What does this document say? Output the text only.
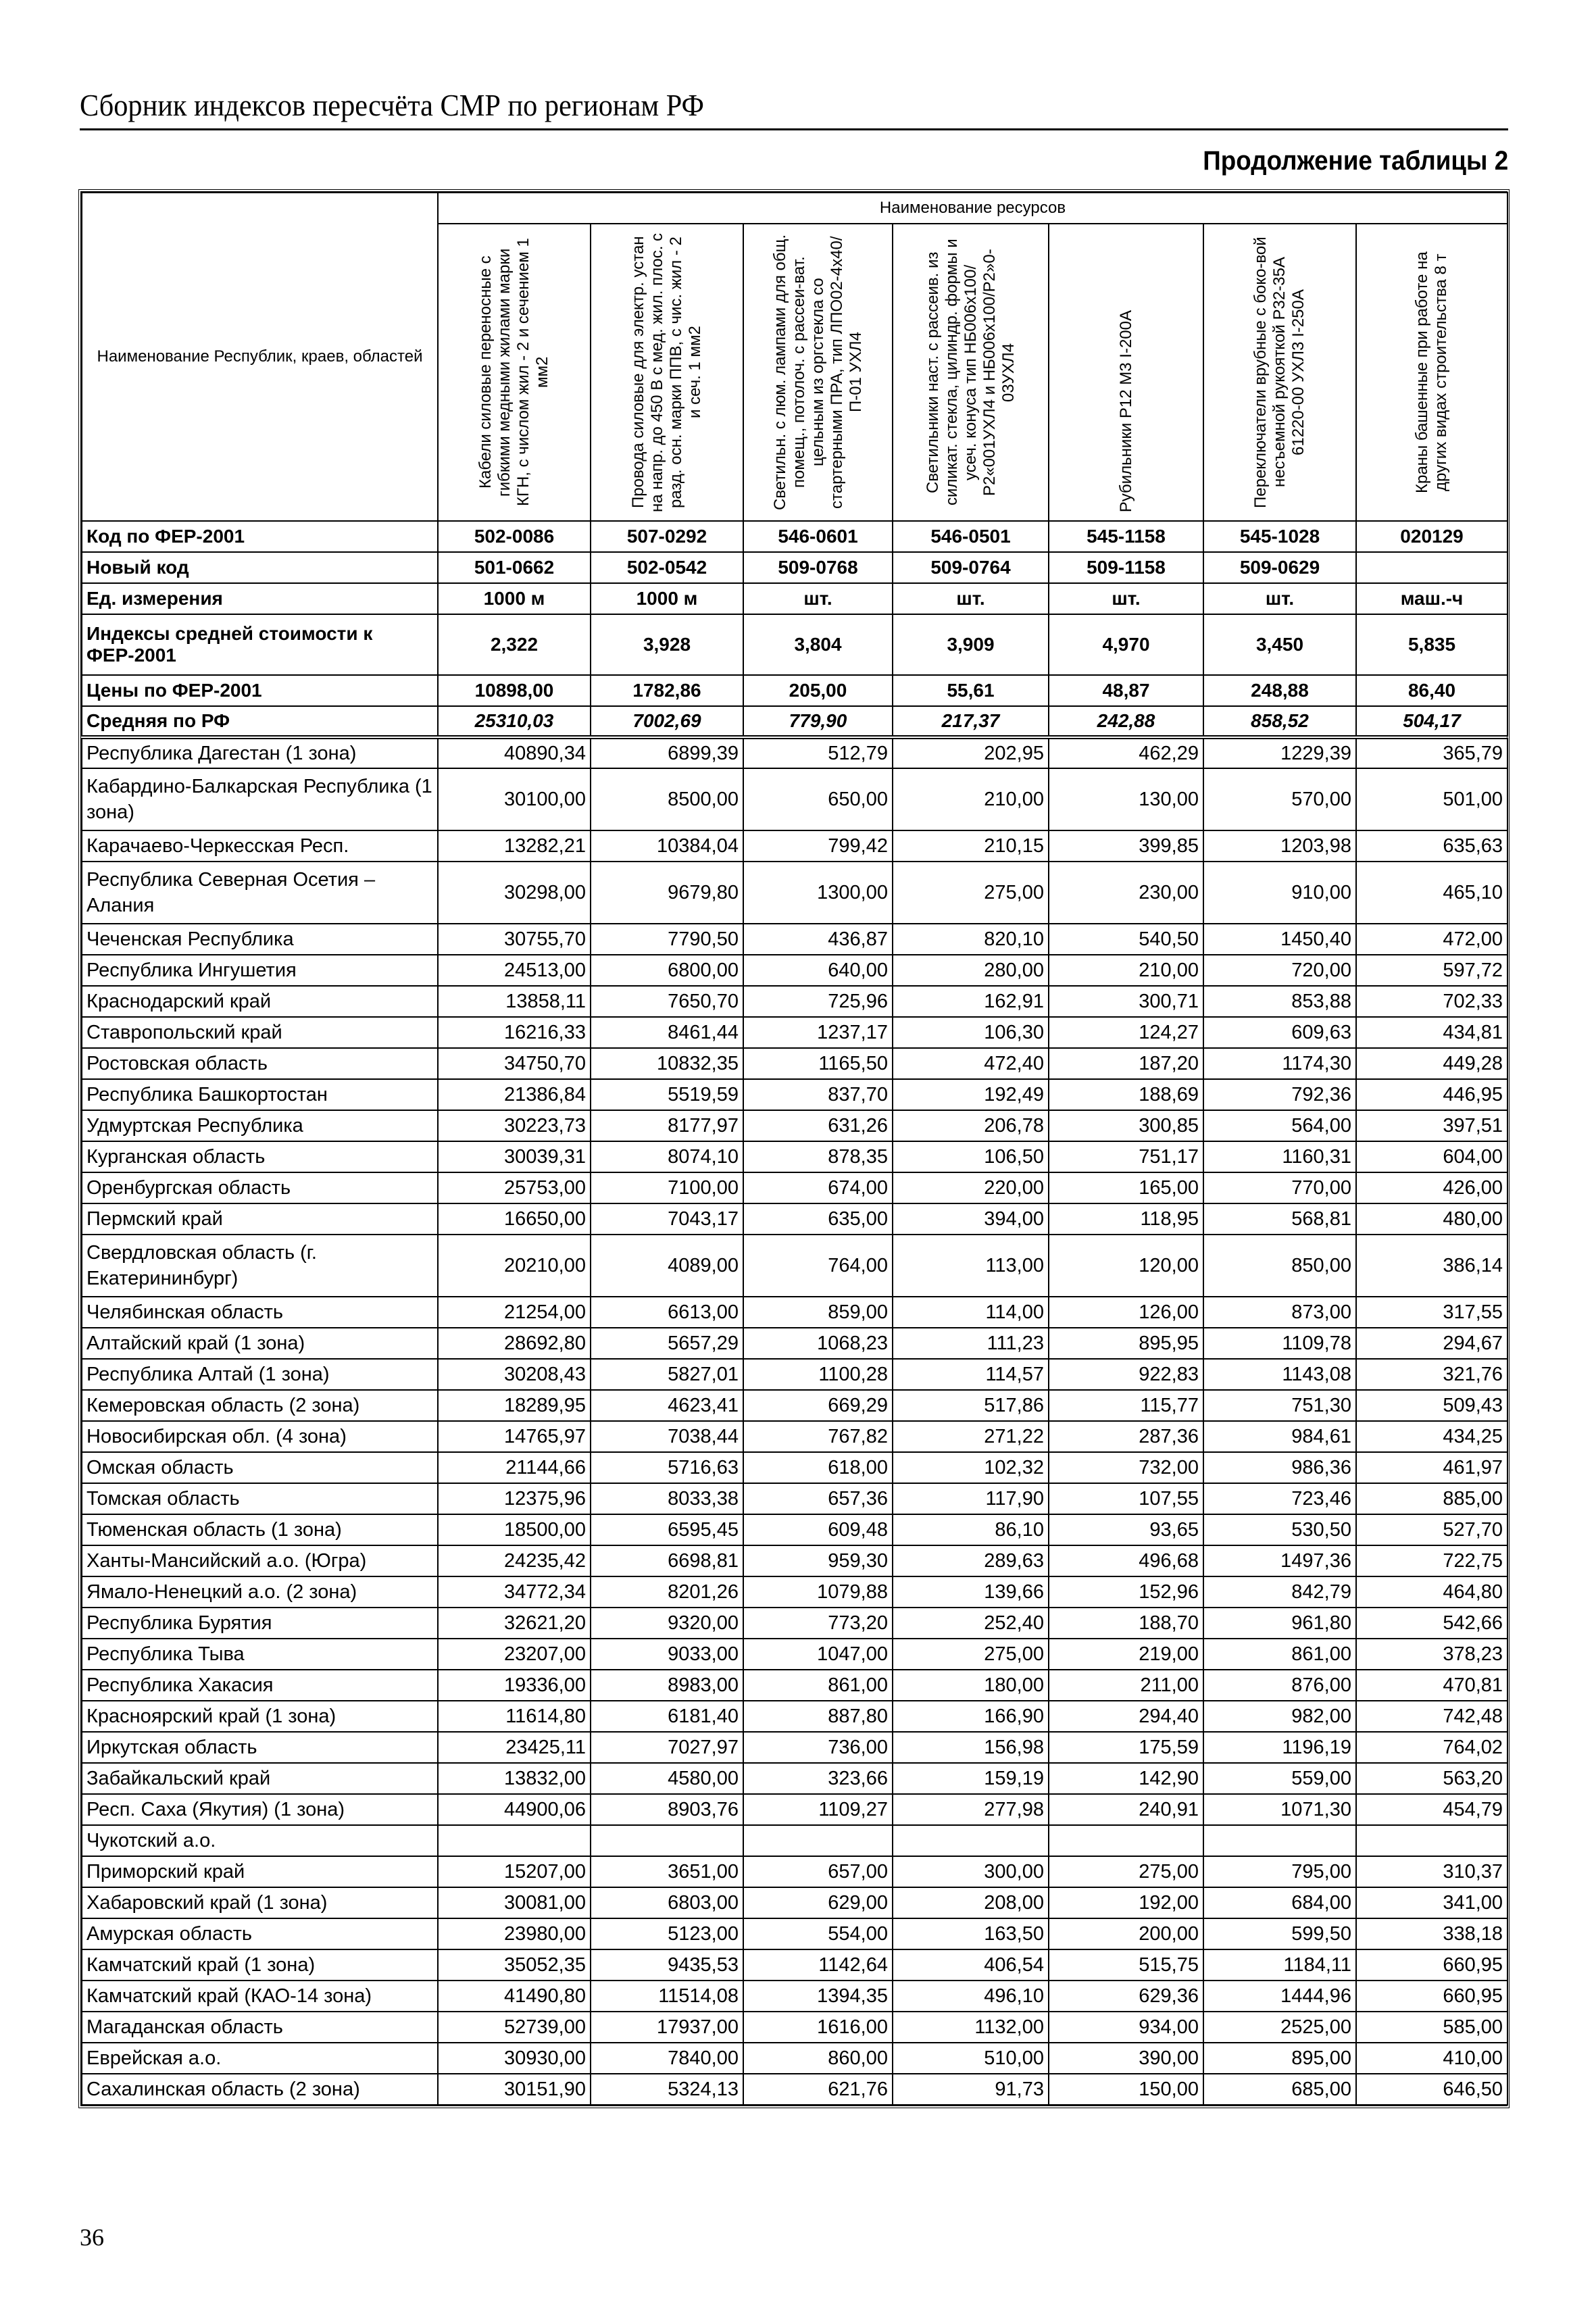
Сборник индексов пересчёта СМР по регионам РФ
Продолжение таблицы 2
Наименование Республик, краев, областей	Наименование ресурсов						

	Кабели силовые переносные с гибкими медными жилами марки КГН, с числом жил - 2 и сечением 1 мм2	Провода силовые для электр. устан на напр. до 450 В с мед. жил. плос. с разд. осн. марки ППВ, с чис. жил - 2 и сеч. 1 мм2	Светильн. с люм. лампами для общ. помещ., потолоч. с рассеи-ват. цельным из оргстекла со стартерными ПРА, тип ЛПО02-4х40/П-01 УХЛ4	Светильники наст. с рассеив. из силикат. стекла, цилиндр. формы и усеч. конуса тип НБ006х100/Р2«001УХЛ4 и НБ006х100/Р2»0-03УХЛ4	Рубильники Р12 М3 I-200А	Переключатели врубные с боко-вой несъемной рукояткой Р32-35А 61220-00 УХЛ3 I-250А	Краны башенные при работе на других видах строительства 8 т

Код по ФЕР-2001	502-0086	507-0292	546-0601	546-0501	545-1158	545-1028	020129
Новый код	501-0662	502-0542	509-0768	509-0764	509-1158	509-0629	
Ед. измерения	1000 м	1000 м	шт.	шт.	шт.	шт.	маш.-ч
Индексы средней стоимости к ФЕР-2001	2,322	3,928	3,804	3,909	4,970	3,450	5,835
Цены по ФЕР-2001	10898,00	1782,86	205,00	55,61	48,87	248,88	86,40
Средняя по РФ	25310,03	7002,69	779,90	217,37	242,88	858,52	504,17
Республика Дагестан (1 зона)	40890,34	6899,39	512,79	202,95	462,29	1229,39	365,79
Кабардино-Балкарская Республика (1 зона)	30100,00	8500,00	650,00	210,00	130,00	570,00	501,00
Карачаево-Черкесская Респ.	13282,21	10384,04	799,42	210,15	399,85	1203,98	635,63
Республика Северная Осетия – Алания	30298,00	9679,80	1300,00	275,00	230,00	910,00	465,10
Чеченская Республика	30755,70	7790,50	436,87	820,10	540,50	1450,40	472,00
Республика Ингушетия	24513,00	6800,00	640,00	280,00	210,00	720,00	597,72
Краснодарский край	13858,11	7650,70	725,96	162,91	300,71	853,88	702,33
Ставропольский край	16216,33	8461,44	1237,17	106,30	124,27	609,63	434,81
Ростовская область	34750,70	10832,35	1165,50	472,40	187,20	1174,30	449,28
Республика Башкортостан	21386,84	5519,59	837,70	192,49	188,69	792,36	446,95
Удмуртская Республика	30223,73	8177,97	631,26	206,78	300,85	564,00	397,51
Курганская область	30039,31	8074,10	878,35	106,50	751,17	1160,31	604,00
Оренбургская область	25753,00	7100,00	674,00	220,00	165,00	770,00	426,00
Пермский край	16650,00	7043,17	635,00	394,00	118,95	568,81	480,00
Свердловская область (г. Екатерининбург)	20210,00	4089,00	764,00	113,00	120,00	850,00	386,14
Челябинская область	21254,00	6613,00	859,00	114,00	126,00	873,00	317,55
Алтайский край (1 зона)	28692,80	5657,29	1068,23	111,23	895,95	1109,78	294,67
Республика Алтай (1 зона)	30208,43	5827,01	1100,28	114,57	922,83	1143,08	321,76
Кемеровская область (2 зона)	18289,95	4623,41	669,29	517,86	115,77	751,30	509,43
Новосибирская обл. (4 зона)	14765,97	7038,44	767,82	271,22	287,36	984,61	434,25
Омская область	21144,66	5716,63	618,00	102,32	732,00	986,36	461,97
Томская область	12375,96	8033,38	657,36	117,90	107,55	723,46	885,00
Тюменская область (1 зона)	18500,00	6595,45	609,48	86,10	93,65	530,50	527,70
Ханты-Мансийский а.о. (Югра)	24235,42	6698,81	959,30	289,63	496,68	1497,36	722,75
Ямало-Ненецкий а.о. (2 зона)	34772,34	8201,26	1079,88	139,66	152,96	842,79	464,80
Республика Бурятия	32621,20	9320,00	773,20	252,40	188,70	961,80	542,66
Республика Тыва	23207,00	9033,00	1047,00	275,00	219,00	861,00	378,23
Республика Хакасия	19336,00	8983,00	861,00	180,00	211,00	876,00	470,81
Красноярский край (1 зона)	11614,80	6181,40	887,80	166,90	294,40	982,00	742,48
Иркутская область	23425,11	7027,97	736,00	156,98	175,59	1196,19	764,02
Забайкальский край	13832,00	4580,00	323,66	159,19	142,90	559,00	563,20
Респ. Саха (Якутия) (1 зона)	44900,06	8903,76	1109,27	277,98	240,91	1071,30	454,79
Чукотский а.о.							
Приморский край	15207,00	3651,00	657,00	300,00	275,00	795,00	310,37
Хабаровский край (1 зона)	30081,00	6803,00	629,00	208,00	192,00	684,00	341,00
Амурская область	23980,00	5123,00	554,00	163,50	200,00	599,50	338,18
Камчатский край (1 зона)	35052,35	9435,53	1142,64	406,54	515,75	1184,11	660,95
Камчатский край (КАО-14 зона)	41490,80	11514,08	1394,35	496,10	629,36	1444,96	660,95
Магаданская область	52739,00	17937,00	1616,00	1132,00	934,00	2525,00	585,00
Еврейская а.о.	30930,00	7840,00	860,00	510,00	390,00	895,00	410,00
Сахалинская область (2 зона)	30151,90	5324,13	621,76	91,73	150,00	685,00	646,50
36
